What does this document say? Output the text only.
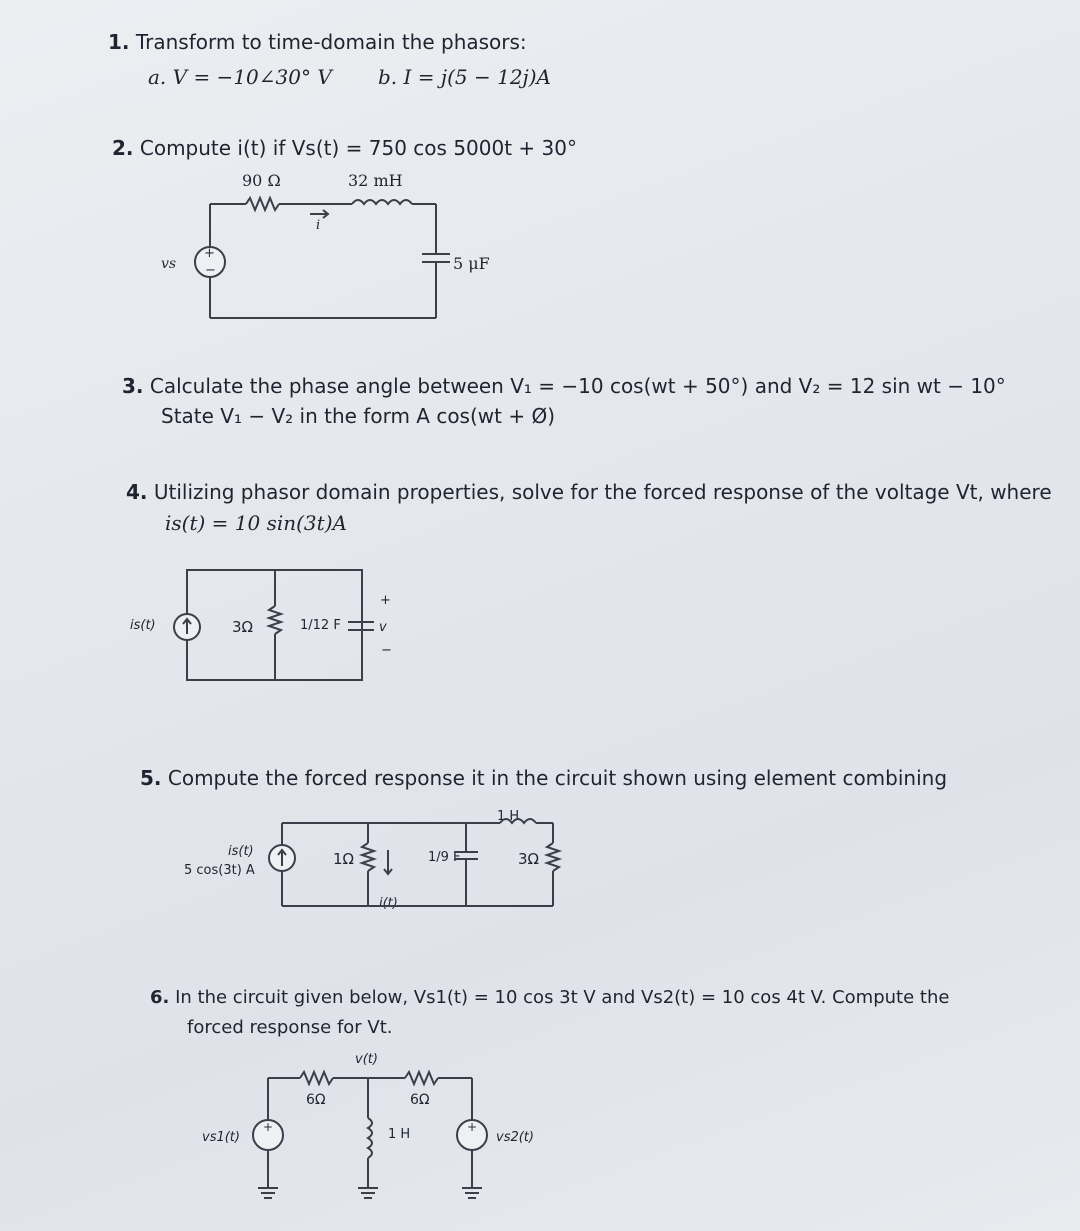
1. Transform to time-domain the phasors:
a. V = −10∠30° V b. I = j(5 − 12j)A
2. Compute i(t) if Vs(t) = 750 cos 5000t + 30°
90 Ω	32 mH
5 μF
vs
i
+
−
3. Calculate the phase angle between V₁ = −10 cos(wt + 50°) and V₂ = 12 sin wt − 10°
State V₁ − V₂ in the form A cos(wt + Ø)
4. Utilizing phasor domain properties, solve for the forced response of the voltage Vt, where
is(t) = 10 sin(3t)A
is(t)	3Ω	1/12 F	v
+
−
5. Compute the forced response it in the circuit shown using element combining
is(t)
5 cos(3t) A
1Ω	1/9 F
1 H
3Ω
i(t).
6. In the circuit given below, Vs1(t) = 10 cos 3t V and Vs2(t) = 10 cos 4t V. Compute the
forced response for Vt.
v(t)
6Ω	6Ω
1 H
vs1(t)	vs2(t)
+	+
